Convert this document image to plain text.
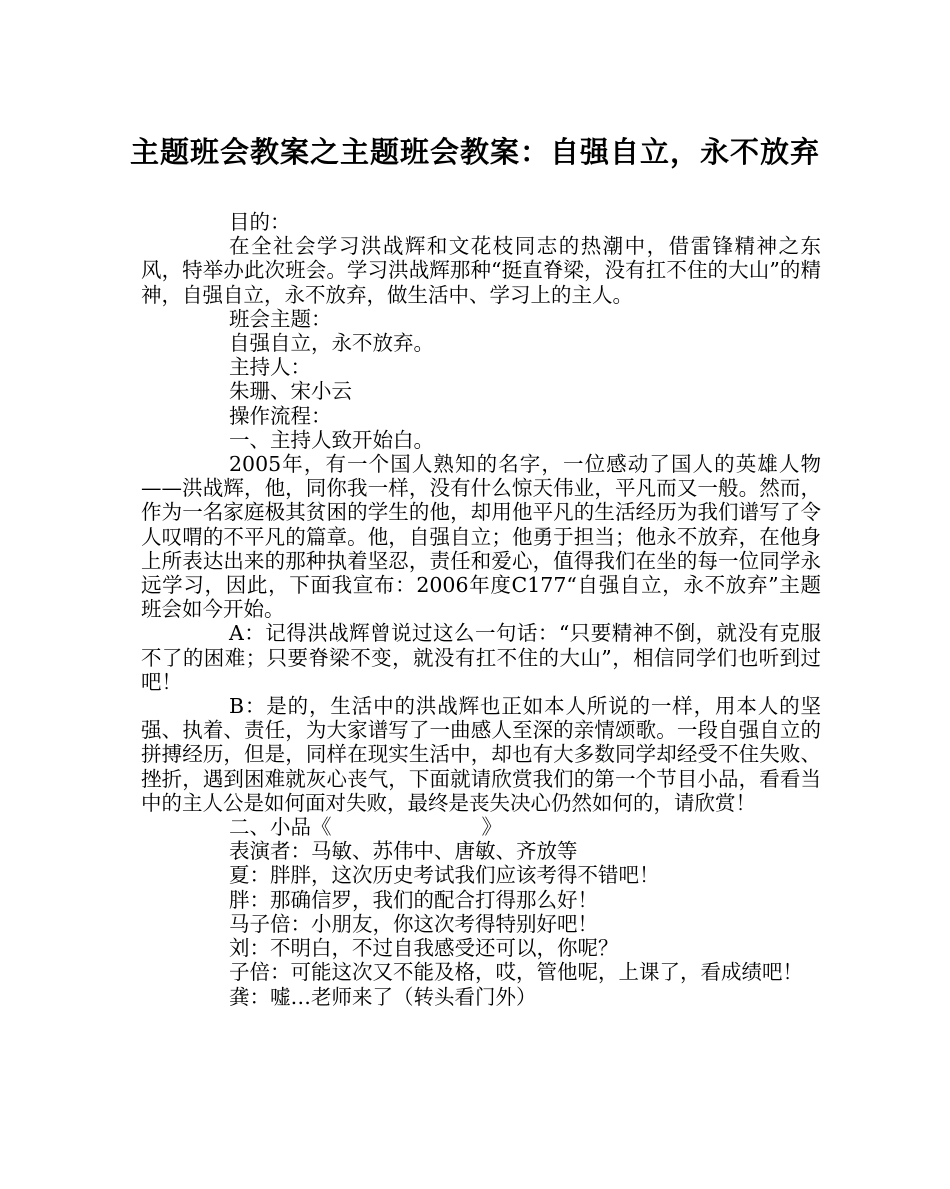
主题班会教案之主题班会教案：自强自立，永不放弃

目的：

在全社会学习洪战辉和文花枝同志的热潮中，借雷锋精神之东风，特举办此次班会。学习洪战辉那种“挺直脊梁，没有扛不住的大山”的精神，自强自立，永不放弃，做生活中、学习上的主人。

班会主题：

自强自立，永不放弃。

主持人：

朱珊、宋小云

操作流程：

一、主持人致开始白。

2005年，有一个国人熟知的名字，一位感动了国人的英雄人物——洪战辉，他，同你我一样，没有什么惊天伟业，平凡而又一般。然而，作为一名家庭极其贫困的学生的他，却用他平凡的生活经历为我们谱写了令人叹喟的不平凡的篇章。他，自强自立；他勇于担当；他永不放弃，在他身上所表达出来的那种执着坚忍，责任和爱心，值得我们在坐的每一位同学永远学习，因此，下面我宣布：2006年度C177“自强自立，永不放弃”主题班会如今开始。

A：记得洪战辉曾说过这么一句话：“只要精神不倒，就没有克服不了的困难；只要脊梁不变，就没有扛不住的大山”，相信同学们也听到过吧！

B：是的，生活中的洪战辉也正如本人所说的一样，用本人的坚强、执着、责任，为大家谱写了一曲感人至深的亲情颂歌。一段自强自立的拼搏经历，但是，同样在现实生活中，却也有大多数同学却经受不住失败、挫折，遇到困难就灰心丧气，下面就请欣赏我们的第一个节目小品，看看当中的主人公是如何面对失败，最终是丧失决心仍然如何的，请欣赏！

二、小品《	》

表演者：马敏、苏伟中、唐敏、齐放等

夏：胖胖，这次历史考试我们应该考得不错吧！

胖：那确信罗，我们的配合打得那么好！

马子倍：小朋友，你这次考得特别好吧！

刘：不明白，不过自我感受还可以，你呢？

子倍：可能这次又不能及格，哎，管他呢，上课了，看成绩吧！

龚：嘘…老师来了（转头看门外）
